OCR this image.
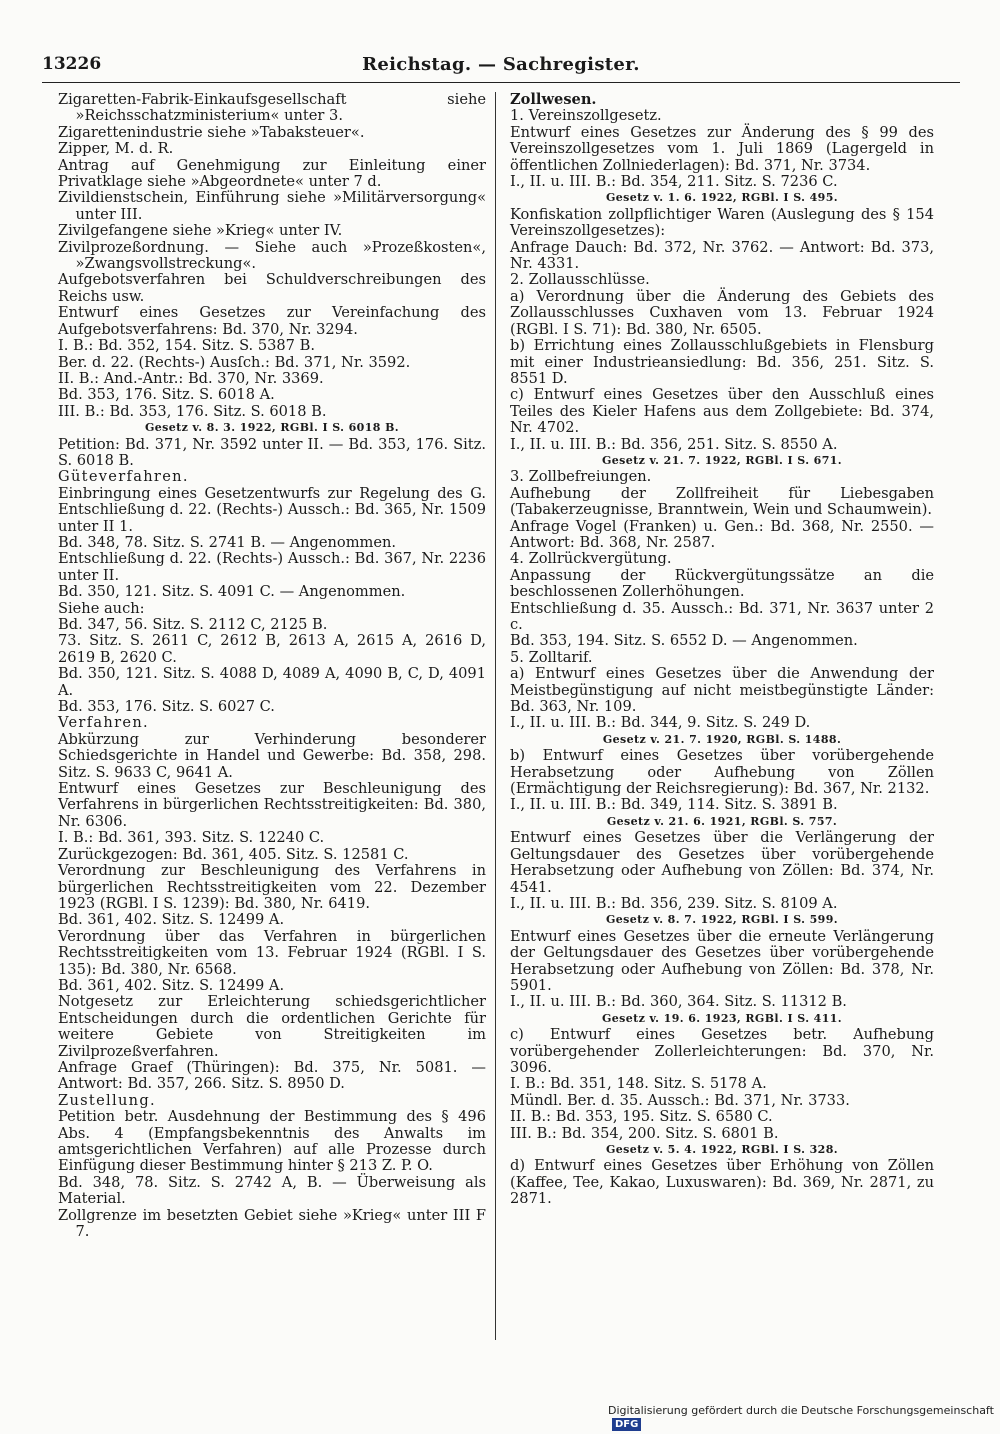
13226	Reichstag. — Sachregister.
Zigaretten-Fabrik-Einkaufsgesellschaft siehe »Reichsschatzministerium« unter 3.
Zigarettenindustrie siehe »Tabaksteuer«.
Zipper, M. d. R.
Antrag auf Genehmigung zur Einleitung einer Privatklage siehe »Abgeordnete« unter 7 d.
Zivildienstschein, Einführung siehe »Militärversorgung« unter III.
Zivilgefangene siehe »Krieg« unter IV.
Zivilprozeßordnung. — Siehe auch »Prozeßkosten«, »Zwangsvollstreckung«.
Aufgebotsverfahren bei Schuldverschreibungen des Reichs usw.
Entwurf eines Gesetzes zur Vereinfachung des Aufgebotsverfahrens: Bd. 370, Nr. 3294.
I. B.: Bd. 352, 154. Sitz. S. 5387 B.
Ber. d. 22. (Rechts-) Ausſch.: Bd. 371, Nr. 3592.
II. B.: And.-Antr.: Bd. 370, Nr. 3369.
Bd. 353, 176. Sitz. S. 6018 A.
III. B.: Bd. 353, 176. Sitz. S. 6018 B.
Gesetz v. 8. 3. 1922, RGBl. I S. 6018 B.
Petition: Bd. 371, Nr. 3592 unter II. — Bd. 353, 176. Sitz. S. 6018 B.
Güteverfahren.
Einbringung eines Gesetzentwurfs zur Regelung des G. Entschließung d. 22. (Rechts-) Aussch.: Bd. 365, Nr. 1509 unter II 1.
Bd. 348, 78. Sitz. S. 2741 B. — Angenommen.
Entschließung d. 22. (Rechts-) Aussch.: Bd. 367, Nr. 2236 unter II.
Bd. 350, 121. Sitz. S. 4091 C. — Angenommen.
Siehe auch:
Bd. 347, 56. Sitz. S. 2112 C, 2125 B.
73. Sitz. S. 2611 C, 2612 B, 2613 A, 2615 A, 2616 D, 2619 B, 2620 C.
Bd. 350, 121. Sitz. S. 4088 D, 4089 A, 4090 B, C, D, 4091 A.
Bd. 353, 176. Sitz. S. 6027 C.
Verfahren.
Abkürzung zur Verhinderung besonderer Schiedsgerichte in Handel und Gewerbe: Bd. 358, 298. Sitz. S. 9633 C, 9641 A.
Entwurf eines Gesetzes zur Beschleunigung des Verfahrens in bürgerlichen Rechtsstreitigkeiten: Bd. 380, Nr. 6306.
I. B.: Bd. 361, 393. Sitz. S. 12240 C.
Zurückgezogen: Bd. 361, 405. Sitz. S. 12581 C.
Verordnung zur Beschleunigung des Verfahrens in bürgerlichen Rechtsstreitigkeiten vom 22. Dezember 1923 (RGBl. I S. 1239): Bd. 380, Nr. 6419.
Bd. 361, 402. Sitz. S. 12499 A.
Verordnung über das Verfahren in bürgerlichen Rechtsstreitigkeiten vom 13. Februar 1924 (RGBl. I S. 135): Bd. 380, Nr. 6568.
Bd. 361, 402. Sitz. S. 12499 A.
Notgesetz zur Erleichterung schiedsgerichtlicher Entscheidungen durch die ordentlichen Gerichte für weitere Gebiete von Streitigkeiten im Zivilprozeßverfahren.
Anfrage Graef (Thüringen): Bd. 375, Nr. 5081. — Antwort: Bd. 357, 266. Sitz. S. 8950 D.
Zustellung.
Petition betr. Ausdehnung der Bestimmung des § 496 Abs. 4 (Empfangsbekenntnis des Anwalts im amtsgerichtlichen Verfahren) auf alle Prozesse durch Einfügung dieser Bestimmung hinter § 213 Z. P. O.
Bd. 348, 78. Sitz. S. 2742 A, B. — Überweisung als Material.
Zollgrenze im besetzten Gebiet siehe »Krieg« unter III F 7.
Zollwesen.
1. Vereinszollgesetz.
Entwurf eines Gesetzes zur Änderung des § 99 des Vereinszollgesetzes vom 1. Juli 1869 (Lagergeld in öffentlichen Zollniederlagen): Bd. 371, Nr. 3734.
I., II. u. III. B.: Bd. 354, 211. Sitz. S. 7236 C.
Gesetz v. 1. 6. 1922, RGBl. I S. 495.
Konfiskation zollpflichtiger Waren (Auslegung des § 154 Vereinszollgesetzes):
Anfrage Dauch: Bd. 372, Nr. 3762. — Antwort: Bd. 373, Nr. 4331.
2. Zollausschlüsse.
a) Verordnung über die Änderung des Gebiets des Zollausschlusses Cuxhaven vom 13. Februar 1924 (RGBl. I S. 71): Bd. 380, Nr. 6505.
b) Errichtung eines Zollausschlußgebiets in Flensburg mit einer Industrieansiedlung: Bd. 356, 251. Sitz. S. 8551 D.
c) Entwurf eines Gesetzes über den Ausschluß eines Teiles des Kieler Hafens aus dem Zollgebiete: Bd. 374, Nr. 4702.
I., II. u. III. B.: Bd. 356, 251. Sitz. S. 8550 A.
Gesetz v. 21. 7. 1922, RGBl. I S. 671.
3. Zollbefreiungen.
Aufhebung der Zollfreiheit für Liebesgaben (Tabakerzeugnisse, Branntwein, Wein und Schaumwein).
Anfrage Vogel (Franken) u. Gen.: Bd. 368, Nr. 2550. — Antwort: Bd. 368, Nr. 2587.
4. Zollrückvergütung.
Anpassung der Rückvergütungssätze an die beschlossenen Zollerhöhungen.
Entschließung d. 35. Aussch.: Bd. 371, Nr. 3637 unter 2 c.
Bd. 353, 194. Sitz. S. 6552 D. — Angenommen.
5. Zolltarif.
a) Entwurf eines Gesetzes über die Anwendung der Meistbegünstigung auf nicht meistbegünstigte Länder: Bd. 363, Nr. 109.
I., II. u. III. B.: Bd. 344, 9. Sitz. S. 249 D.
Gesetz v. 21. 7. 1920, RGBl. S. 1488.
b) Entwurf eines Gesetzes über vorübergehende Herabsetzung oder Aufhebung von Zöllen (Ermächtigung der Reichsregierung): Bd. 367, Nr. 2132.
I., II. u. III. B.: Bd. 349, 114. Sitz. S. 3891 B.
Gesetz v. 21. 6. 1921, RGBl. S. 757.
Entwurf eines Gesetzes über die Verlängerung der Geltungsdauer des Gesetzes über vorübergehende Herabsetzung oder Aufhebung von Zöllen: Bd. 374, Nr. 4541.
I., II. u. III. B.: Bd. 356, 239. Sitz. S. 8109 A.
Gesetz v. 8. 7. 1922, RGBl. I S. 599.
Entwurf eines Gesetzes über die erneute Verlängerung der Geltungsdauer des Gesetzes über vorübergehende Herabsetzung oder Aufhebung von Zöllen: Bd. 378, Nr. 5901.
I., II. u. III. B.: Bd. 360, 364. Sitz. S. 11312 B.
Gesetz v. 19. 6. 1923, RGBl. I S. 411.
c) Entwurf eines Gesetzes betr. Aufhebung vorübergehender Zollerleichterungen: Bd. 370, Nr. 3096.
I. B.: Bd. 351, 148. Sitz. S. 5178 A.
Mündl. Ber. d. 35. Aussch.: Bd. 371, Nr. 3733.
II. B.: Bd. 353, 195. Sitz. S. 6580 C.
III. B.: Bd. 354, 200. Sitz. S. 6801 B.
Gesetz v. 5. 4. 1922, RGBl. I S. 328.
d) Entwurf eines Gesetzes über Erhöhung von Zöllen (Kaffee, Tee, Kakao, Luxuswaren): Bd. 369, Nr. 2871, zu 2871.
Digitalisierung gefördert durch die Deutsche Forschungsgemeinschaft DFG
